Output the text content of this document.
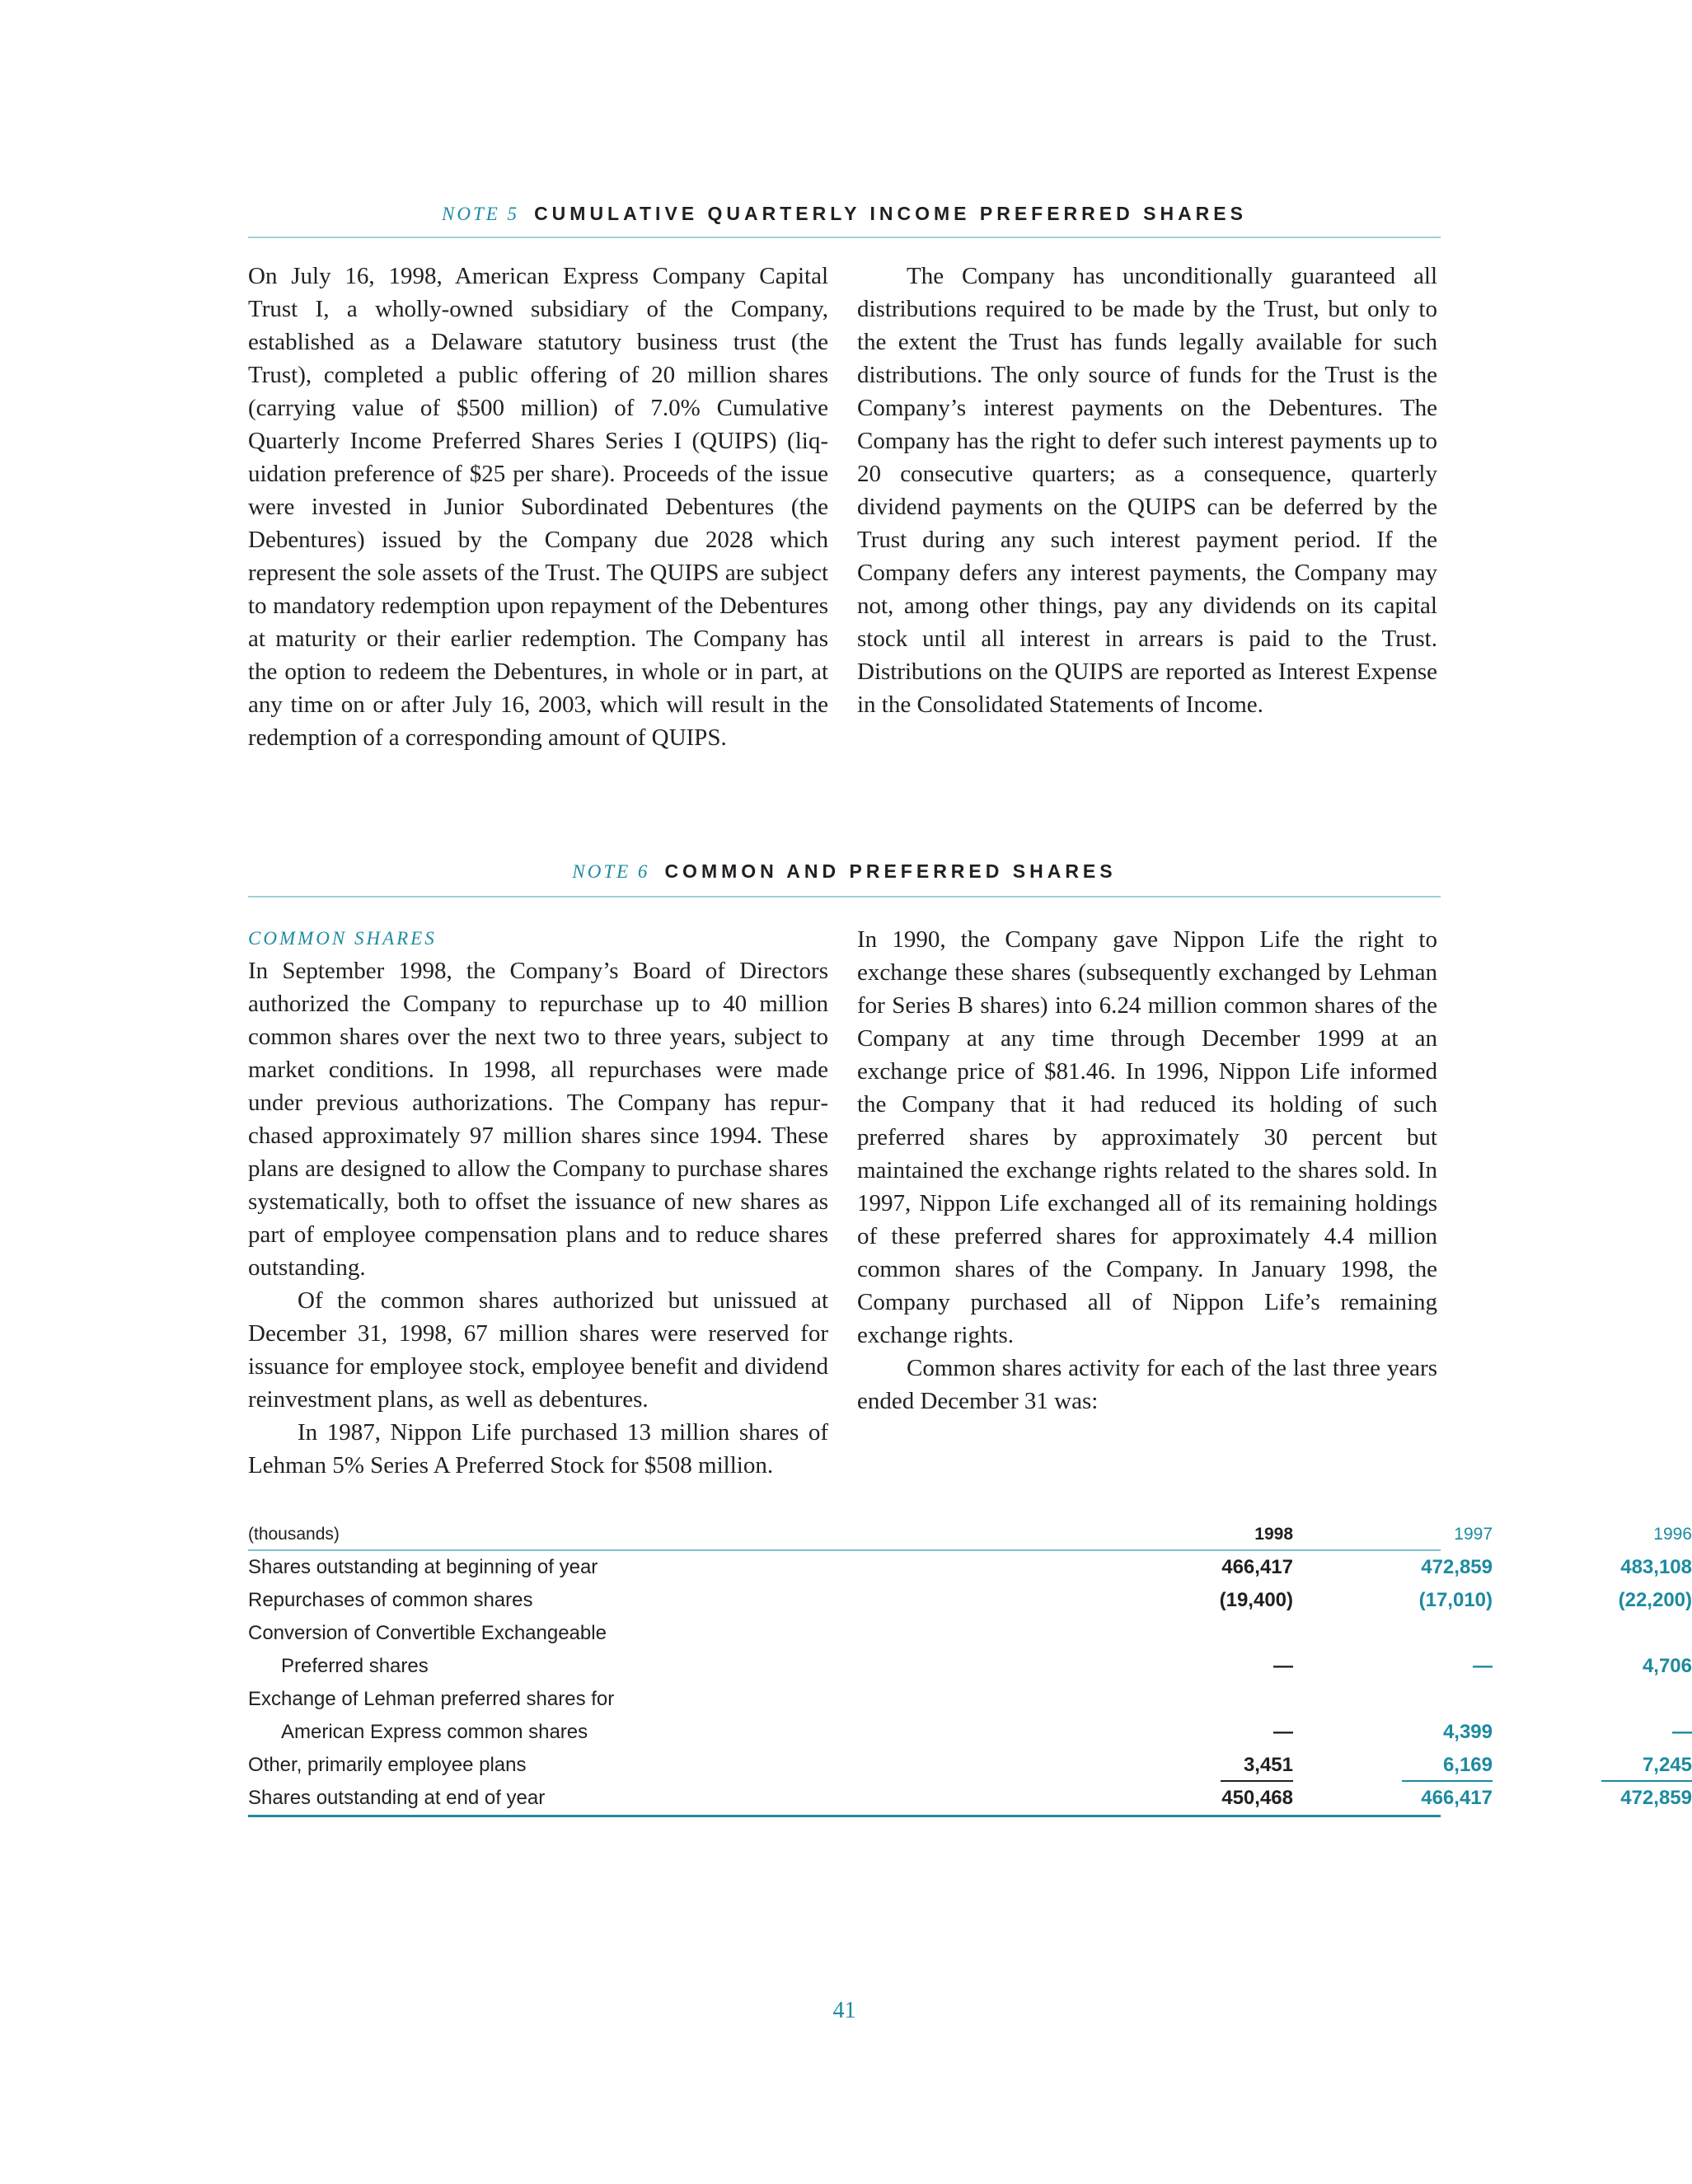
NOTE 5 CUMULATIVE QUARTERLY INCOME PREFERRED SHARES

On July 16, 1998, American Express Company Capital Trust I, a wholly-owned subsidiary of the Company, established as a Delaware statutory business trust (the Trust), completed a public offering of 20 million shares (carrying value of $500 million) of 7.0% Cumulative Quarterly Income Preferred Shares Series I (QUIPS) (liquidation preference of $25 per share). Proceeds of the issue were invested in Junior Subordinated Debentures (the Debentures) issued by the Company due 2028 which represent the sole assets of the Trust. The QUIPS are subject to mandatory redemption upon repayment of the Debentures at maturity or their earlier redemption. The Company has the option to redeem the Debentures, in whole or in part, at any time on or after July 16, 2003, which will result in the redemption of a corresponding amount of QUIPS.

The Company has unconditionally guaranteed all distributions required to be made by the Trust, but only to the extent the Trust has funds legally available for such distributions. The only source of funds for the Trust is the Company’s interest payments on the Debentures. The Company has the right to defer such interest payments up to 20 consecutive quarters; as a consequence, quarterly dividend payments on the QUIPS can be deferred by the Trust during any such interest payment period. If the Company defers any interest payments, the Company may not, among other things, pay any dividends on its capital stock until all interest in arrears is paid to the Trust. Distributions on the QUIPS are reported as Interest Expense in the Consolidated Statements of Income.

NOTE 6 COMMON AND PREFERRED SHARES

COMMON SHARES

In September 1998, the Company’s Board of Directors authorized the Company to repurchase up to 40 million common shares over the next two to three years, subject to market conditions. In 1998, all repurchases were made under previous authorizations. The Company has repurchased approximately 97 million shares since 1994. These plans are designed to allow the Company to purchase shares systematically, both to offset the issuance of new shares as part of employee compensation plans and to reduce shares outstanding.

Of the common shares authorized but unissued at December 31, 1998, 67 million shares were reserved for issuance for employee stock, employee benefit and dividend reinvestment plans, as well as debentures.

In 1987, Nippon Life purchased 13 million shares of Lehman 5% Series A Preferred Stock for $508 million.

In 1990, the Company gave Nippon Life the right to exchange these shares (subsequently exchanged by Lehman for Series B shares) into 6.24 million common shares of the Company at any time through December 1999 at an exchange price of $81.46. In 1996, Nippon Life informed the Company that it had reduced its holding of such preferred shares by approximately 30 percent but maintained the exchange rights related to the shares sold. In 1997, Nippon Life exchanged all of its remaining holdings of these preferred shares for approximately 4.4 million common shares of the Company. In January 1998, the Company purchased all of Nippon Life’s remaining exchange rights.

Common shares activity for each of the last three years ended December 31 was:

(thousands)	1998	1997	1996
Shares outstanding at beginning of year	466,417	472,859	483,108
Repurchases of common shares	(19,400)	(17,010)	(22,200)
Conversion of Convertible Exchangeable
Preferred shares	—	—	4,706
Exchange of Lehman preferred shares for
American Express common shares	—	4,399	—
Other, primarily employee plans	3,451	6,169	7,245
Shares outstanding at end of year	450,468	466,417	472,859
41
